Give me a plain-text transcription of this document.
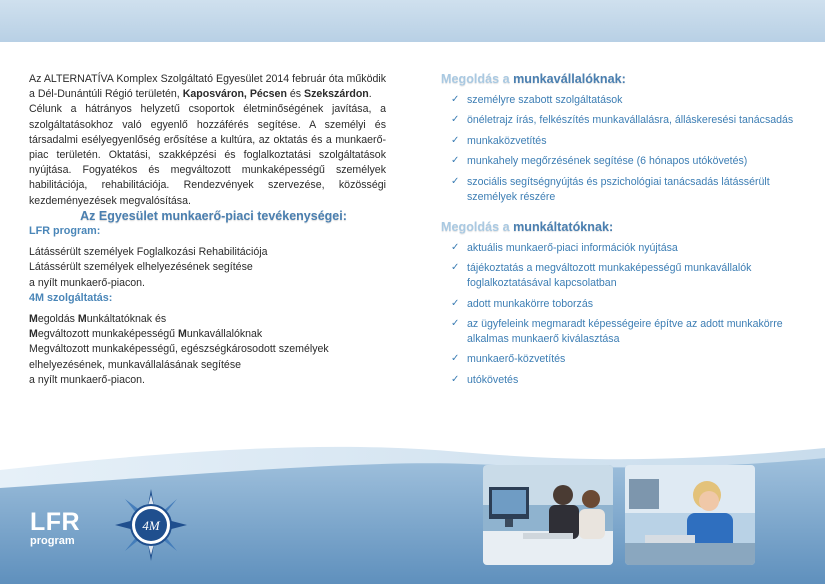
Az ALTERNATÍVA Komplex Szolgáltató Egyesület 2014 február óta működik a Dél-Dunántúli Régió területén, Kaposváron, Pécsen és Szekszárdon.

Célunk a hátrányos helyzetű csoportok életminőségének javítása, a szolgáltatásokhoz való egyenlő hozzáférés segítése. A személyi és társadalmi esélyegyenlőség erősítése a kultúra, az oktatás és a munkaerő-piac területén. Oktatási, szakképzési és foglalkoztatási szolgáltatások nyújtása. Fogyatékos és megváltozott munkaképességű személyek habilitációja, rehabilitációja. Rendezvények szervezése, közösségi kezdeményezések megvalósítása.

Az Egyesület munkaerő-piaci tevékenységei:

LFR program:

Látássérült személyek Foglalkozási Rehabilitációja

Látássérült személyek elhelyezésének segítése

a nyílt munkaerő-piacon.

4M szolgáltatás:

Megoldás Munkáltatóknak és

Megváltozott munkaképességű Munkavállalóknak

Megváltozott munkaképességű, egészségkárosodott személyek

elhelyezésének, munkavállalásának segítése

a nyílt munkaerő-piacon.

Megoldás a munkavállalóknak:
✓ személyre szabott szolgáltatások
✓ önéletrajz írás, felkészítés munkavállalásra, álláskeresési tanácsadás
✓ munkaközvetítés
✓ munkahely megőrzésének segítése (6 hónapos utókövetés)
✓ szociális segítségnyújtás és pszichológiai tanácsadás látássérült személyek részére
Megoldás a munkáltatóknak:
✓ aktuális munkaerő-piaci információk nyújtása
✓ tájékoztatás a megváltozott munkaképességű munkavállalók foglalkoztatásával kapcsolatban
✓ adott munkakörre toborzás
✓ az ügyfeleink megmaradt képességeire építve az adott munkakörre alkalmas munkaerő kiválasztása
✓ munkaerő-közvetítés
✓ utókövetés
LFR
program
4M
